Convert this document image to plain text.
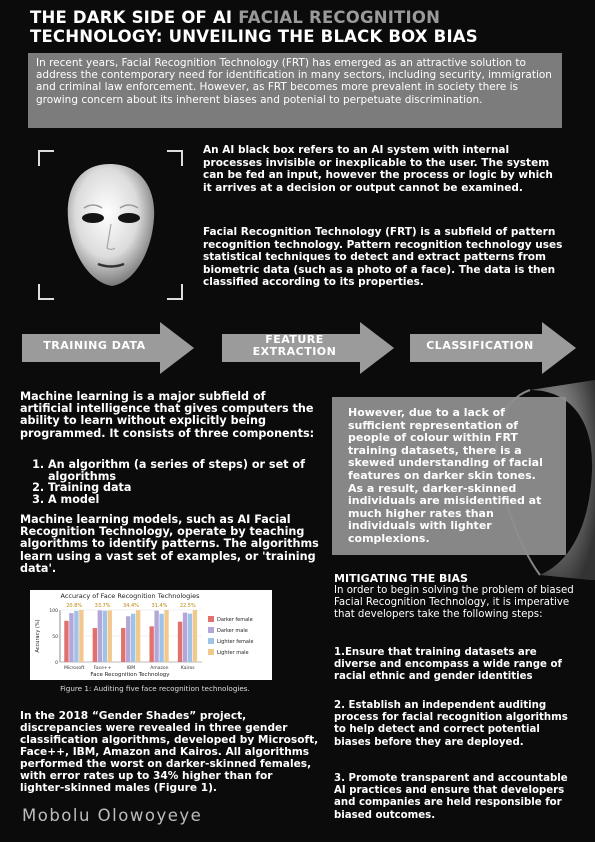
THE DARK SIDE OF AI FACIAL RECOGNITION
TECHNOLOGY: UNVEILING THE BLACK BOX BIAS
In recent years, Facial Recognition Technology (FRT) has emerged as an attractive solution to address the contemporary need for identification in many sectors, including security, immigration and criminal law enforcement. However, as FRT becomes more prevalent in society there is growing concern about its inherent biases and potenial to perpetuate discrimination.
An AI black box refers to an AI system with internal processes invisible or inexplicable to the user. The system can be fed an input, however the process or logic by which it arrives at a decision or output cannot be examined.
Facial Recognition Technology (FRT) is a subfield of pattern recognition technology. Pattern recognition technology uses statistical techniques to detect and extract patterns from biometric data (such as a photo of a face). The data is then classified according to its properties.
TRAINING DATA	FEATURE
EXTRACTION	CLASSIFICATION
Machine learning is a major subfield of artificial intelligence that gives computers the ability to learn without explicitly being programmed. It consists of three components:
1. An algorithm (a series of steps) or set of algorithms
2. Training data
3. A model
Machine learning models, such as AI Facial Recognition Technology, operate by teaching algorithms to identify patterns. The algorithms learn using a vast set of examples, or 'training data'.
However, due to a lack of sufficient representation of people of colour within FRT training datasets, there is a skewed understanding of facial features on darker skin tones. As a result, darker-skinned individuals are misidentified at much higher rates than individuals with lighter complexions.
Accuracy of Face Recognition Technologies
Face Recognition Technology
Accuracy (%)
0
50
100
Microsoft
20.8%
Face++
33.7%
IBM
34.4%
Amazon
31.4%
Kairos
22.5%
Darker female
Darker male
Lighter female
Lighter male
Figure 1: Auditing five face recognition technologies.
In the 2018 “Gender Shades” project, discrepancies were revealed in three gender classification algorithms, developed by Microsoft, Face++, IBM, Amazon and Kairos. All algorithms performed the worst on darker-skinned females, with error rates up to 34% higher than for lighter-skinned males (Figure 1).
Mobolu Olowoyeye
MITIGATING THE BIAS
In order to begin solving the problem of biased Facial Recognition Technology, it is imperative that developers take the following steps:
1.Ensure that training datasets are diverse and encompass a wide range of racial ethnic and gender identities
2. Establish an independent auditing process for facial recognition algorithms to help detect and correct potential biases before they are deployed.
3. Promote transparent and accountable AI practices and ensure that developers and companies are held responsible for biased outcomes.
